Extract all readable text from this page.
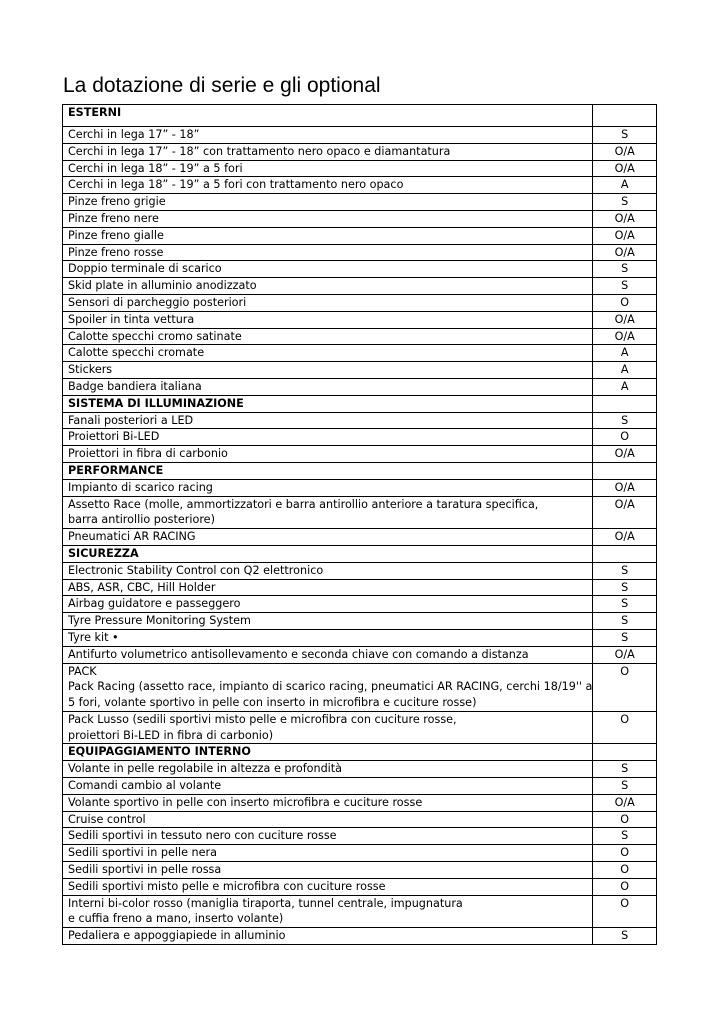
La dotazione di serie e gli optional
ESTERNI	

Cerchi in lega 17” - 18”	S

Cerchi in lega 17” - 18” con trattamento nero opaco e diamantatura	O/A

Cerchi in lega 18” - 19” a 5 fori	O/A

Cerchi in lega 18” - 19” a 5 fori con trattamento nero opaco	A

Pinze freno grigie	S

Pinze freno nere	O/A

Pinze freno gialle	O/A

Pinze freno rosse	O/A

Doppio terminale di scarico	S

Skid plate in alluminio anodizzato	S

Sensori di parcheggio posteriori	O

Spoiler in tinta vettura	O/A

Calotte specchi cromo satinate	O/A

Calotte specchi cromate	A

Stickers	A

Badge bandiera italiana	A

SISTEMA DI ILLUMINAZIONE	

Fanali posteriori a LED	S

Proiettori Bi-LED	O

Proiettori in fibra di carbonio	O/A

PERFORMANCE	

Impianto di scarico racing	O/A

Assetto Race (molle, ammortizzatori e barra antirollio anteriore a taratura specifica,
barra antirollio posteriore)	O/A

Pneumatici AR RACING	O/A

SICUREZZA	

Electronic Stability Control con Q2 elettronico	S

ABS, ASR, CBC, Hill Holder	S

Airbag guidatore e passeggero	S

Tyre Pressure Monitoring System	S

Tyre kit •	S

Antifurto volumetrico antisollevamento e seconda chiave con comando a distanza	O/A

PACK
Pack Racing (assetto race, impianto di scarico racing, pneumatici AR RACING, cerchi 18/19'' a
5 fori, volante sportivo in pelle con inserto in microfibra e cuciture rosse)	O

Pack Lusso (sedili sportivi misto pelle e microfibra con cuciture rosse,
proiettori Bi-LED in fibra di carbonio)	O

EQUIPAGGIAMENTO INTERNO	

Volante in pelle regolabile in altezza e profondità	S

Comandi cambio al volante	S

Volante sportivo in pelle con inserto microfibra e cuciture rosse	O/A

Cruise control	O

Sedili sportivi in tessuto nero con cuciture rosse	S

Sedili sportivi in pelle nera	O

Sedili sportivi in pelle rossa	O

Sedili sportivi misto pelle e microfibra con cuciture rosse	O

Interni bi-color rosso (maniglia tiraporta, tunnel centrale, impugnatura
e cuffia freno a mano, inserto volante)	O

Pedaliera e appoggiapiede in alluminio	S
